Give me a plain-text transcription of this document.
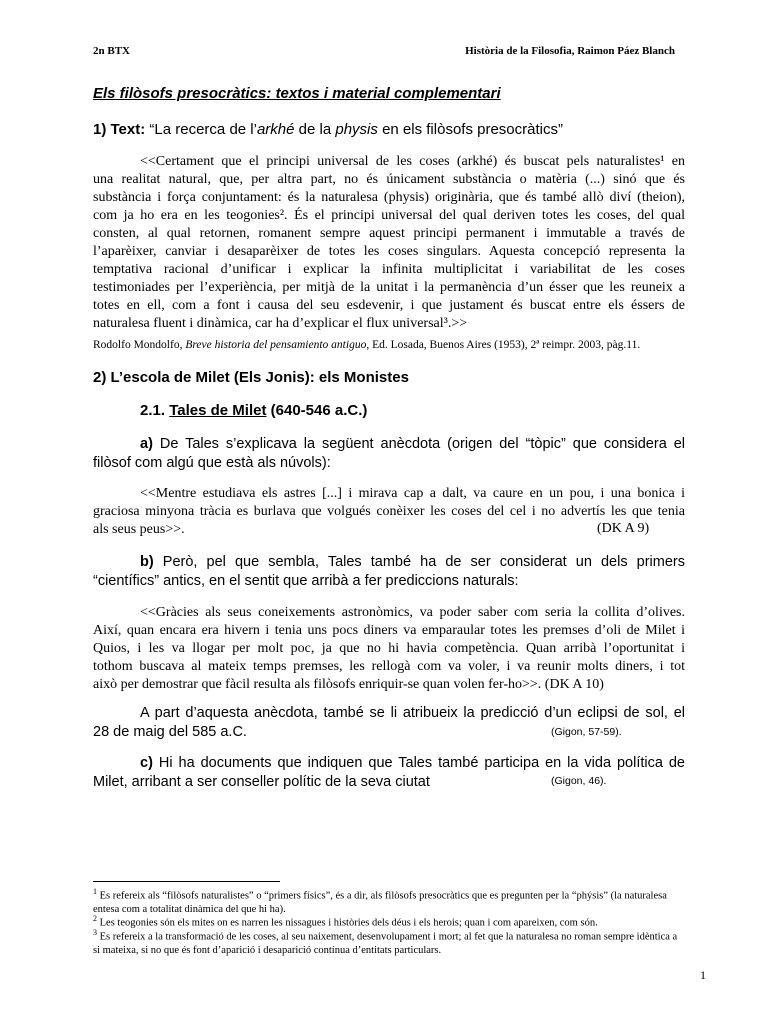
2n BTX	Història de la Filosofia, Raimon Páez Blanch
Els filòsofs presocràtics: textos i material complementari
1) Text: “La recerca de l’arkhé de la physis en els filòsofs presocràtics”
<<Certament que el principi universal de les coses (arkhé) és buscat pels naturalistes¹ en
una realitat natural, que, per altra part, no és únicament substància o matèria (...) sinó que és
substància i força conjuntament: és la naturalesa (physis) originària, que és també allò diví (theion),
com ja ho era en les teogonies². És el principi universal del qual deriven totes les coses, del qual
consten, al qual retornen, romanent sempre aquest principi permanent i immutable a través de
l’aparèixer, canviar i desaparèixer de totes les coses singulars. Aquesta concepció representa la
temptativa racional d’unificar i explicar la infinita multiplicitat i variabilitat de les coses
testimoniades per l’experiència, per mitjà de la unitat i la permanència d’un ésser que les reuneix a
totes en ell, com a font i causa del seu esdevenir, i que justament és buscat entre els éssers de
naturalesa fluent i dinàmica, car ha d’explicar el flux universal³.>>
Rodolfo Mondolfo, Breve historia del pensamiento antiguo, Ed. Losada, Buenos Aires (1953), 2ª reimpr. 2003, pàg.11.
2) L’escola de Milet (Els Jonis): els Monistes
2.1. Tales de Milet (640-546 a.C.)
a) De Tales s’explicava la següent anècdota (origen del “tòpic” que considera el
filòsof com algú que està als núvols):
<<Mentre estudiava els astres [...] i mirava cap a dalt, va caure en un pou, i una bonica i
graciosa minyona tràcia es burlava que volgués conèixer les coses del cel i no advertís les que tenia
als seus peus>>.	(DK A 9)
b) Però, pel que sembla, Tales també ha de ser considerat un dels primers
“científics” antics, en el sentit que arribà a fer prediccions naturals:
<<Gràcies als seus coneixements astronòmics, va poder saber com seria la collita d’olives.
Així, quan encara era hivern i tenia uns pocs diners va emparaular totes les premses d’oli de Milet i
Quios, i les va llogar per molt poc, ja que no hi havia competència. Quan arribà l’oportunitat i
tothom buscava al mateix temps premses, les rellogà com va voler, i va reunir molts diners, i tot
això per demostrar que fàcil resulta als filòsofs enriquir-se quan volen fer-ho>>. (DK A 10)
A part d’aquesta anècdota, també se li atribueix la predicció d’un eclipsi de sol, el
28 de maig del 585 a.C.	(Gigon, 57-59).
c) Hi ha documents que indiquen que Tales també participa en la vida política de
Milet, arribant a ser conseller polític de la seva ciutat	(Gigon, 46).
$^1$ Es refereix als “filòsofs naturalistes” o “primers físics”, és a dir, als filòsofs presocràtics que es pregunten per la “phýsis” (la naturalesa entesa com a totalitat dinàmica del que hi ha).
$^2$ Les teogonies són els mites on es narren les nissagues i històries dels déus i els herois; quan i com apareixen, com són.
$^3$ Es refereix a la transformació de les coses, al seu naixement, desenvolupament i mort; al fet que la naturalesa no roman sempre idèntica a si mateixa, si no que és font d’aparició i desaparició contínua d’entitats particulars.
1
